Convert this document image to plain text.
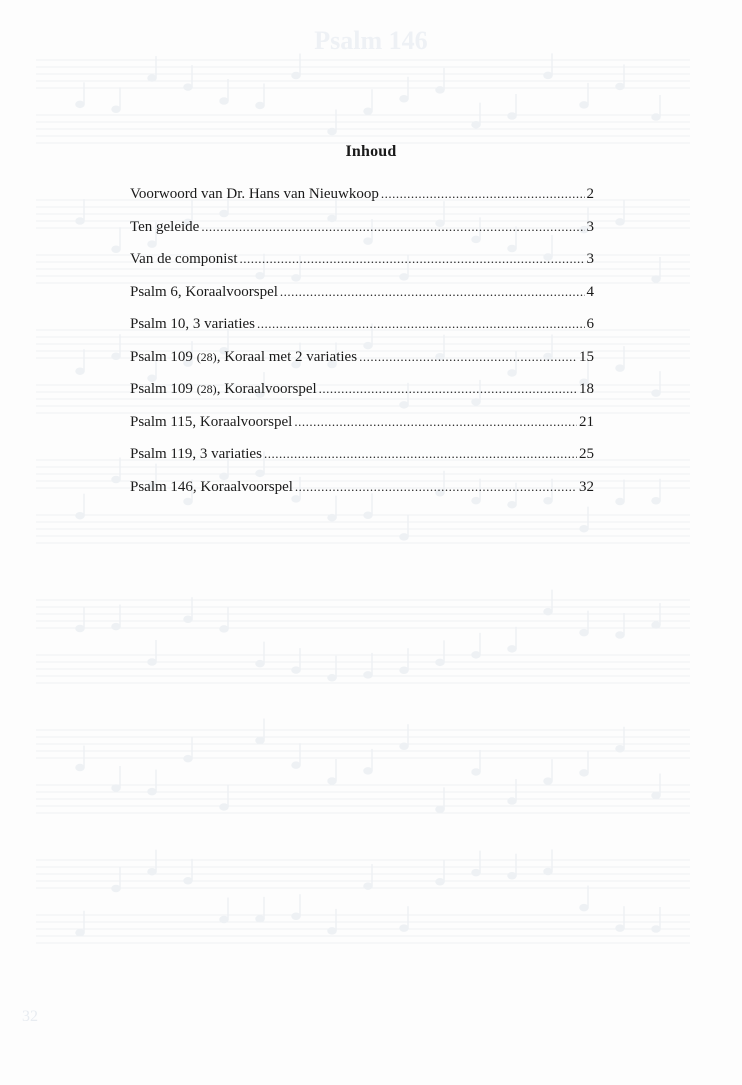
Psalm 146
32
Inhoud
Voorwoord van Dr. Hans van Nieuwkoop .....	2
Ten geleide .....	3
Van de componist .....	3
Psalm 6, Koraalvoorspel .....	4
Psalm 10, 3 variaties .....	6
Psalm 109 (28), Koraal met 2 variaties .....	15
Psalm 109 (28), Koraalvoorspel .....	18
Psalm 115, Koraalvoorspel .....	21
Psalm 119, 3 variaties .....	25
Psalm 146, Koraalvoorspel .....	32
